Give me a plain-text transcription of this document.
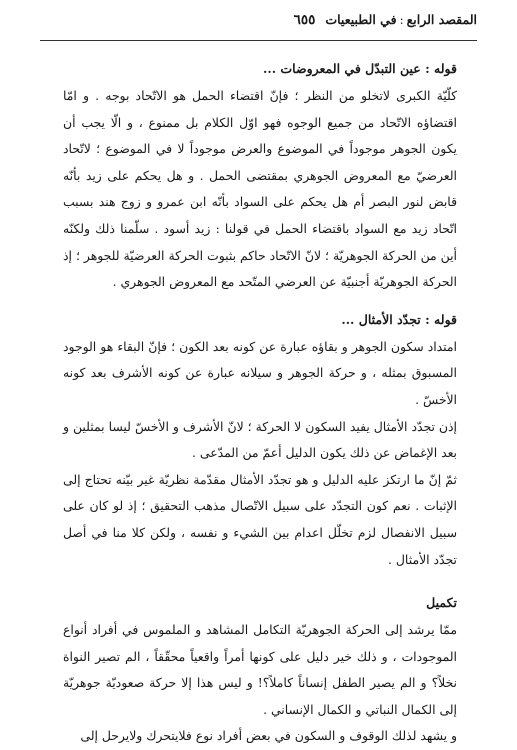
المقصد الرابع
:
في الطبيعيات
٦٥٥

قوله : عين التبدّل في المعروضات ...

كلّيّة الكبرى لاتخلو من النظر ؛ فإنّ اقتضاء الحمل هو الاتّحاد بوجه . و امّا اقتضاؤه الاتّحاد من جميع الوجوه فهو اوّل الكلام بل ممنوع ، و الّا يجب أن يكون الجوهر موجوداً في الموضوع والعرض موجوداً لا في الموضوع ؛ لاتّحاد العرضيّ مع المعروض الجوهري بمقتضى الحمل . و هل يحكم على زيد بأنّه قابض لنور البصر أم هل يحكم على السواد بأنّه ابن عمرو و زوج هند بسبب اتّحاد زيد مع السواد باقتضاء الحمل في قولنا : زيد أسود . سلّمنا ذلك ولكنّه أين من الحركة الجوهريّة ؛ لانّ الاتّحاد حاكم بثبوت الحركة العرضيّة للجوهر ؛ إذ الحركة الجوهريّة أجنبيّة عن العرضي المتّحد مع المعروض الجوهري .

قوله : تجدّد الأمثال ...

امتداد سكون الجوهر و بقاؤه عبارة عن كونه بعد الكون ؛ فإنّ البقاء هو الوجود المسبوق بمثله ، و حركة الجوهر و سيلانه عبارة عن كونه الأشرف بعد كونه الأخسّ .

إذن تجدّد الأمثال يفيد السكون لا الحركة ؛ لانّ الأشرف و الأخسّ ليسا بمثلين و بعد الإغماض عن ذلك يكون الدليل أعمّ من المدّعى .

ثمّ إنّ ما ارتكز عليه الدليل و هو تجدّد الأمثال مقدّمة نظريّة غير بيّنه تحتاج إلى الإثبات . نعم كون التجدّد على سبيل الاتّصال مذهب التحقيق ؛ إذ لو كان على سبيل الانفصال لزم تخلّل اعدام بين الشيء و نفسه ، ولكن كلا منا في أصل تجدّد الأمثال .

تكميل

ممّا يرشد إلى الحركة الجوهريّة التكامل المشاهد و الملموس في أفراد أنواع الموجودات ، و ذلك خير دليل على كونها أمراً واقعياً محقّقاً ، الم تصير النواة نخلاً؟ و الم يصير الطفل إنساناً كاملاً؟! و ليس هذا إلا حركة صعوديّة جوهريّة إلى الكمال النباتي و الكمال الإنساني .

و يشهد لذلك الوقوف و السكون في بعض أفراد نوع فلايتحرك ولايرحل إلى
